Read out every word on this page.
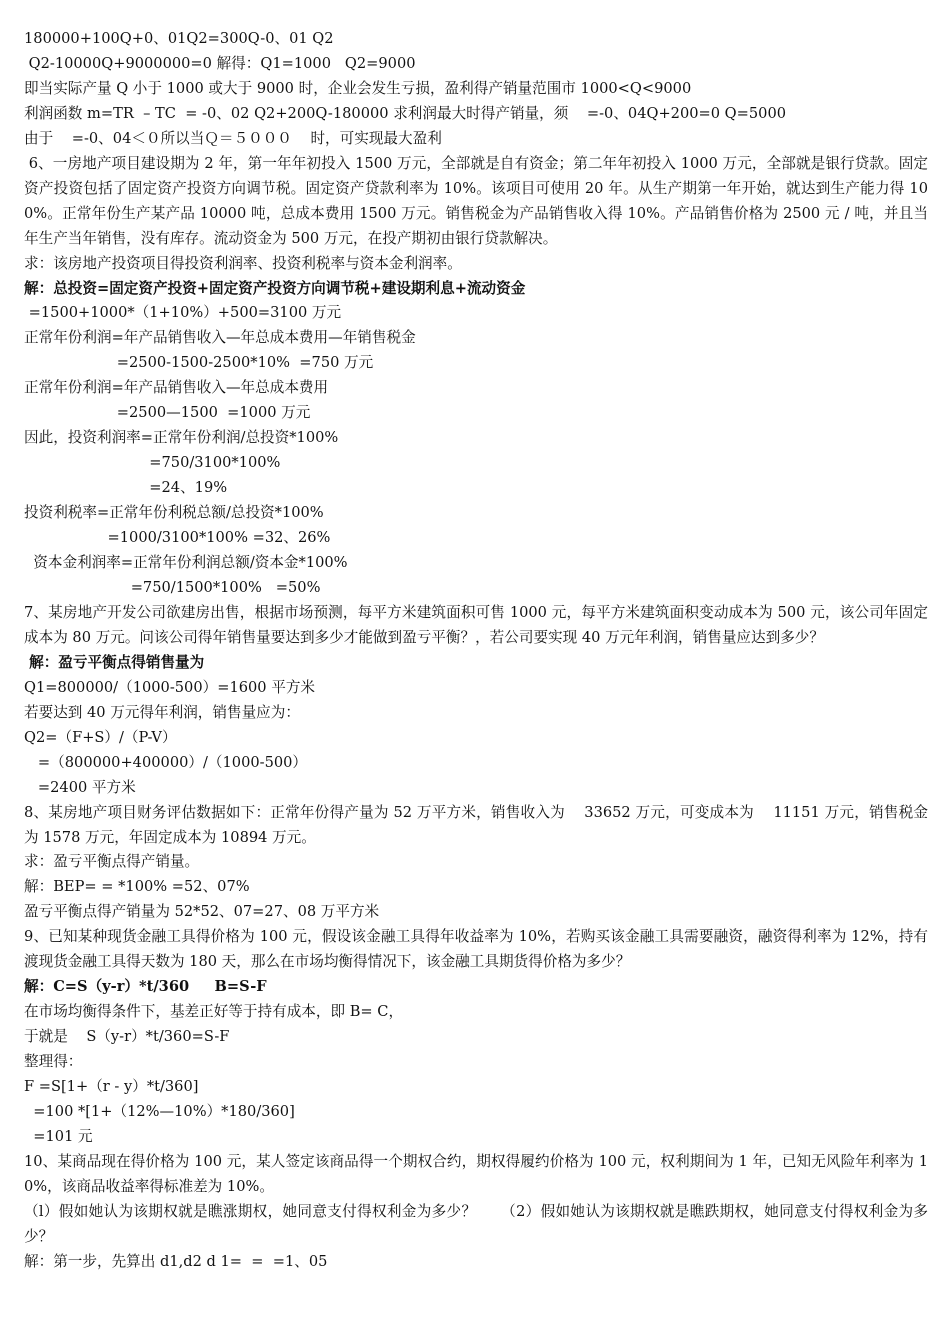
180000+100Q+0、01Q2=300Q-0、01 Q2

Q2-10000Q+9000000=0 解得：Q1=1000   Q2=9000

即当实际产量 Q 小于 1000 或大于 9000 时，企业会发生亏损，盈利得产销量范围市 1000<Q<9000

利润函数 m=TR  – TC  = -0、02 Q2+200Q-180000 求利润最大时得产销量，须    =-0、04Q+200=0 Q=5000

由于    =-0、04＜０所以当Ｑ＝５０００    时，可实现最大盈利

6、一房地产项目建设期为 2 年，第一年年初投入 1500 万元，全部就是自有资金；第二年年初投入 1000 万元，全部就是银行贷款。固定资产投资包括了固定资产投资方向调节税。固定资产贷款利率为 10%。该项目可使用 20 年。从生产期第一年开始，就达到生产能力得 100%。正常年份生产某产品 10000 吨，总成本费用 1500 万元。销售税金为产品销售收入得 10%。产品销售价格为 2500 元 / 吨，并且当年生产当年销售，没有库存。流动资金为 500 万元，在投产期初由银行贷款解决。

求：该房地产投资项目得投资利润率、投资利税率与资本金利润率。

解：总投资=固定资产投资+固定资产投资方向调节税+建设期利息+流动资金

=1500+1000*（1+10%）+500=3100 万元

正常年份利润=年产品销售收入—年总成本费用—年销售税金

=2500-1500-2500*10%  =750 万元

正常年份利润=年产品销售收入—年总成本费用

=2500—1500  =1000 万元

因此，投资利润率=正常年份利润/总投资*100%

=750/3100*100%

=24、19%

投资利税率=正常年份利税总额/总投资*100%

=1000/3100*100% =32、26%

资本金利润率=正常年份利润总额/资本金*100%

=750/1500*100%   =50%

7、某房地产开发公司欲建房出售，根据市场预测，每平方米建筑面积可售 1000 元，每平方米建筑面积变动成本为 500 元，该公司年固定成本为 80 万元。问该公司得年销售量要达到多少才能做到盈亏平衡？，若公司要实现 40 万元年利润，销售量应达到多少？

解：盈亏平衡点得销售量为

Q1=800000/（1000-500）=1600 平方米

若要达到 40 万元得年利润，销售量应为：

Q2=（F+S）/（P-V）

=（800000+400000）/（1000-500）

=2400 平方米

8、某房地产项目财务评估数据如下：正常年份得产量为 52 万平方米，销售收入为    33652 万元，可变成本为    11151 万元，销售税金为 1578 万元，年固定成本为 10894 万元。

求：盈亏平衡点得产销量。

解：BEP= = *100% =52、07%

盈亏平衡点得产销量为 52*52、07=27、08 万平方米

9、已知某种现货金融工具得价格为 100 元，假设该金融工具得年收益率为 10%，若购买该金融工具需要融资，融资得利率为 12%，持有渡现货金融工具得天数为 180 天，那么在市场均衡得情况下，该金融工具期货得价格为多少？

解：C=S（y-r）*t/360     B=S-F

在市场均衡得条件下，基差正好等于持有成本，即 B= C，

于就是    S（y-r）*t/360=S-F

整理得：

F =S[1+（r - y）*t/360]

=100 *[1+（12%—10%）*180/360]

=101 元

10、某商品现在得价格为 100 元，某人签定该商品得一个期权合约，期权得履约价格为 100 元，权利期间为 1 年，已知无风险年利率为 10%，该商品收益率得标准差为 10%。

（l）假如她认为该期权就是瞧涨期权，她同意支付得权利金为多少？     （2）假如她认为该期权就是瞧跌期权，她同意支付得权利金为多少？

解：第一步，先算出 d1,d2 d 1=  =  =1、05
